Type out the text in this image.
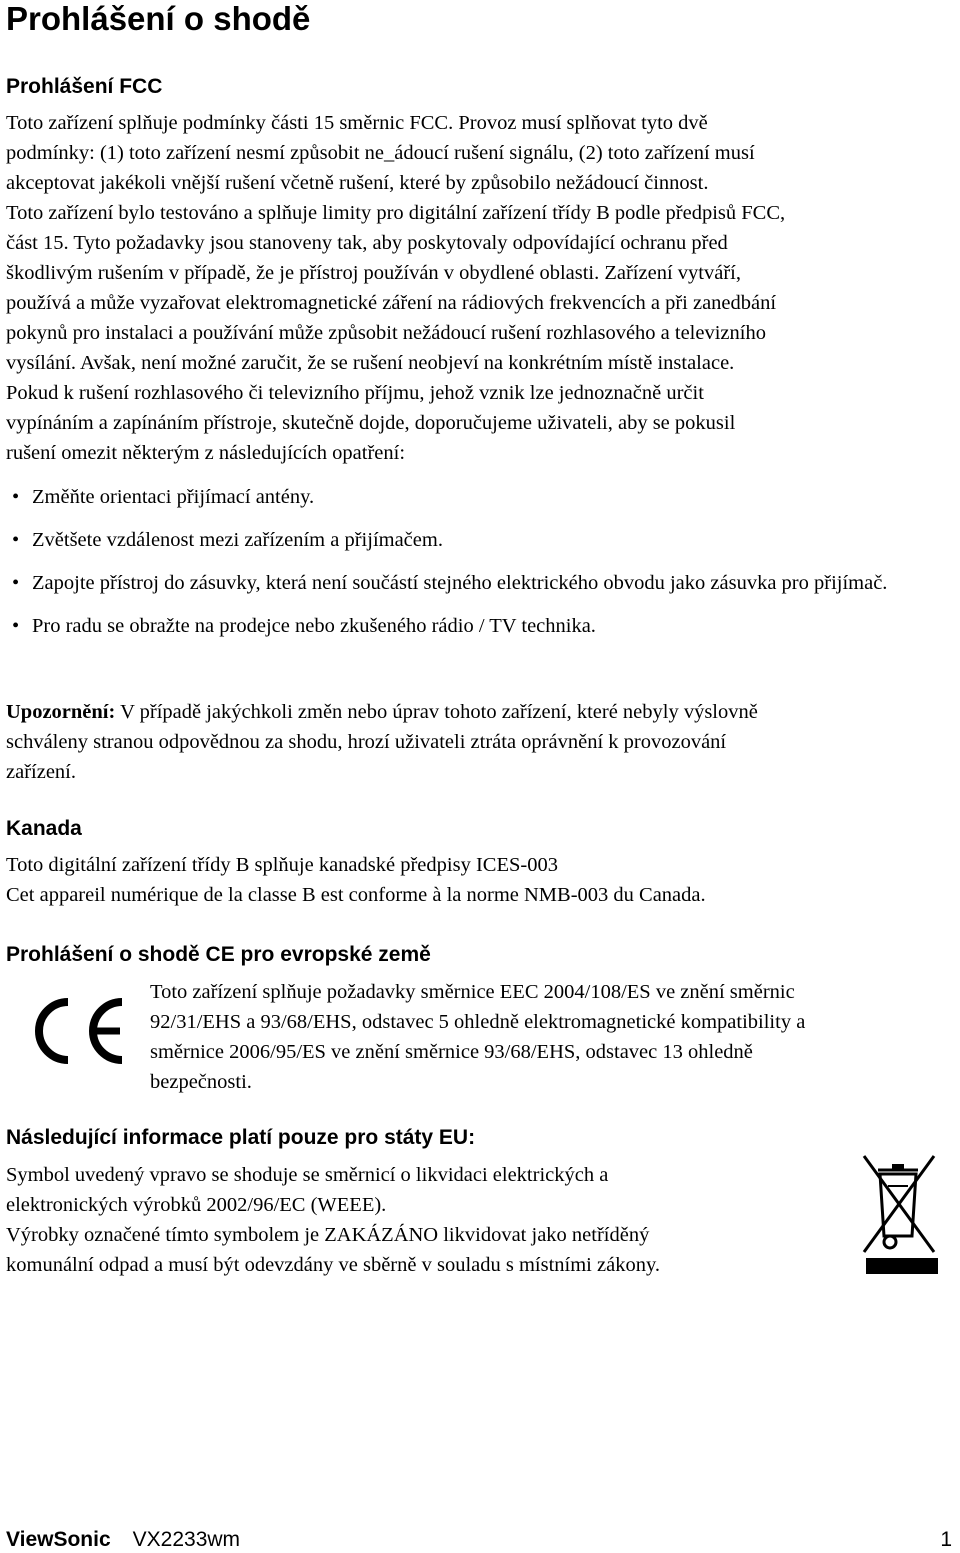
Prohlášení o shodě
Prohlášení FCC
Toto zařízení splňuje podmínky části 15 směrnic FCC. Provoz musí splňovat tyto dvě
podmínky: (1) toto zařízení nesmí způsobit ne_ádoucí rušení signálu, (2) toto zařízení musí
akceptovat jakékoli vnější rušení včetně rušení, které by způsobilo nežádoucí činnost.
Toto zařízení bylo testováno a splňuje limity pro digitální zařízení třídy B podle předpisů FCC,
část 15. Tyto požadavky jsou stanoveny tak, aby poskytovaly odpovídající ochranu před
škodlivým rušením v případě, že je přístroj používán v obydlené oblasti. Zařízení vytváří,
používá a může vyzařovat elektromagnetické záření na rádiových frekvencích a při zanedbání
pokynů pro instalaci a používání může způsobit nežádoucí rušení rozhlasového a televizního
vysílání. Avšak, není možné zaručit, že se rušení neobjeví na konkrétním místě instalace.
Pokud k rušení rozhlasového či televizního příjmu, jehož vznik lze jednoznačně určit
vypínáním a zapínáním přístroje, skutečně dojde, doporučujeme uživateli, aby se pokusil
rušení omezit některým z následujících opatření:
• Změňte orientaci přijímací antény.
• Zvětšete vzdálenost mezi zařízením a přijímačem.
• Zapojte přístroj do zásuvky, která není součástí stejného elektrického obvodu jako zásuvka pro přijímač.
• Pro radu se obražte na prodejce nebo zkušeného rádio / TV technika.
Upozornění: V případě jakýchkoli změn nebo úprav tohoto zařízení, které nebyly výslovně
schváleny stranou odpovědnou za shodu, hrozí uživateli ztráta oprávnění k provozování
zařízení.
Kanada
Toto digitální zařízení třídy B splňuje kanadské předpisy ICES-003
Cet appareil numérique de la classe B est conforme à la norme NMB-003 du Canada.
Prohlášení o shodě CE pro evropské země
Toto zařízení splňuje požadavky směrnice EEC 2004/108/ES ve znění směrnic
92/31/EHS a 93/68/EHS, odstavec 5 ohledně elektromagnetické kompatibility a
směrnice 2006/95/ES ve znění směrnice 93/68/EHS, odstavec 13 ohledně
bezpečnosti.
Následující informace platí pouze pro státy EU:
Symbol uvedený vpravo se shoduje se směrnicí o likvidaci elektrických a
elektronických výrobků 2002/96/EC (WEEE).
Výrobky označené tímto symbolem je ZAKÁZÁNO likvidovat jako netříděný
komunální odpad a musí být odevzdány ve sběrně v souladu s místními zákony.
ViewSonic VX2233wm	1
